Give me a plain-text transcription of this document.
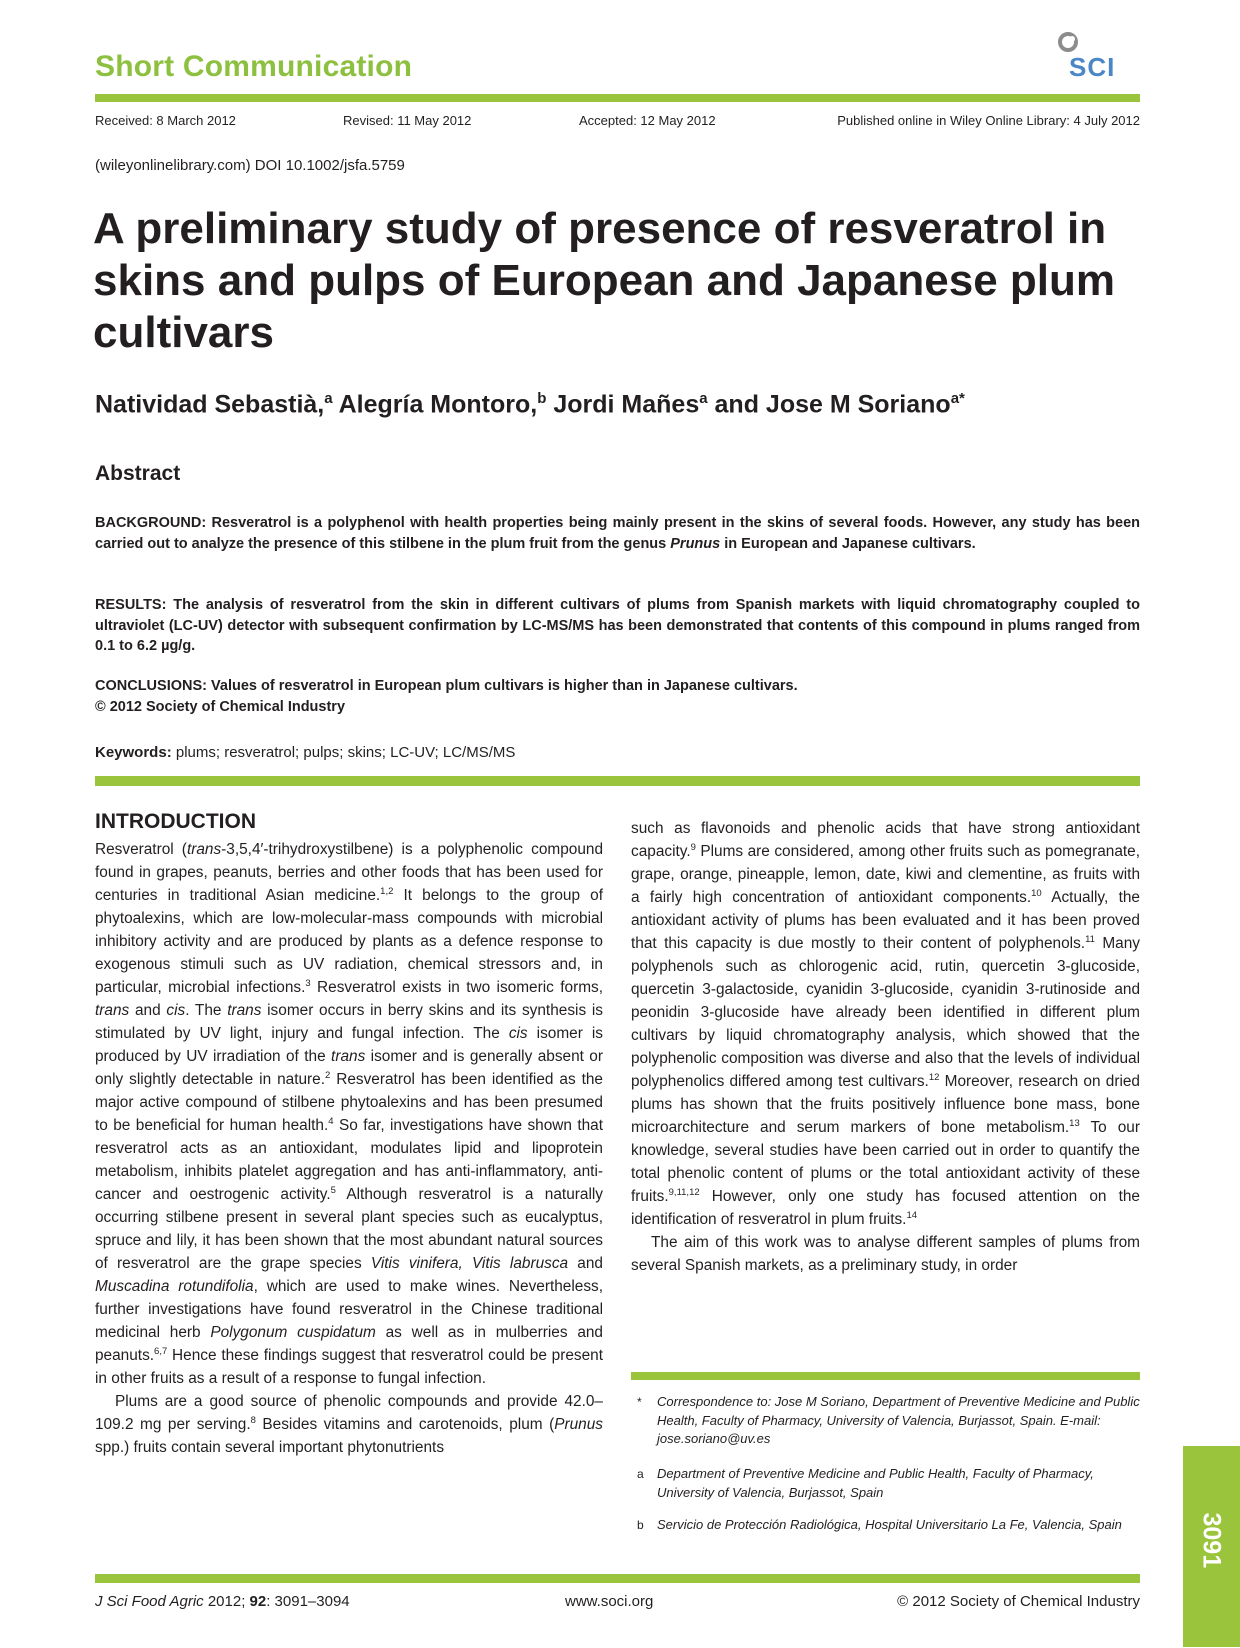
Short Communication	SCI
Received: 8 March 2012	Revised: 11 May 2012	Accepted: 12 May 2012	Published online in Wiley Online Library: 4 July 2012
(wileyonlinelibrary.com) DOI 10.1002/jsfa.5759
A preliminary study of presence of resveratrol in skins and pulps of European and Japanese plum cultivars
Natividad Sebastià,$^a$ Alegría Montoro,$^b$ Jordi Mañes$^a$ and Jose M Soriano$^{a*}$
Abstract
BACKGROUND: Resveratrol is a polyphenol with health properties being mainly present in the skins of several foods. However, any study has been carried out to analyze the presence of this stilbene in the plum fruit from the genus Prunus in European and Japanese cultivars.
RESULTS: The analysis of resveratrol from the skin in different cultivars of plums from Spanish markets with liquid chromatography coupled to ultraviolet (LC-UV) detector with subsequent confirmation by LC-MS/MS has been demonstrated that contents of this compound in plums ranged from 0.1 to 6.2 µg/g.
CONCLUSIONS: Values of resveratrol in European plum cultivars is higher than in Japanese cultivars.
© 2012 Society of Chemical Industry
Keywords: plums; resveratrol; pulps; skins; LC-UV; LC/MS/MS
INTRODUCTION

Resveratrol (trans-3,5,4′-trihydroxystilbene) is a polyphenolic compound found in grapes, peanuts, berries and other foods that has been used for centuries in traditional Asian medicine.$^{1,2}$ It belongs to the group of phytoalexins, which are low-molecular-mass compounds with microbial inhibitory activity and are produced by plants as a defence response to exogenous stimuli such as UV radiation, chemical stressors and, in particular, microbial infections.$^3$ Resveratrol exists in two isomeric forms, trans and cis. The trans isomer occurs in berry skins and its synthesis is stimulated by UV light, injury and fungal infection. The cis isomer is produced by UV irradiation of the trans isomer and is generally absent or only slightly detectable in nature.$^2$ Resveratrol has been identified as the major active compound of stilbene phytoalexins and has been presumed to be beneficial for human health.$^4$ So far, investigations have shown that resveratrol acts as an antioxidant, modulates lipid and lipoprotein metabolism, inhibits platelet aggregation and has anti-inflammatory, anti-cancer and oestrogenic activity.$^5$ Although resveratrol is a naturally occurring stilbene present in several plant species such as eucalyptus, spruce and lily, it has been shown that the most abundant natural sources of resveratrol are the grape species Vitis vinifera, Vitis labrusca and Muscadina rotundifolia, which are used to make wines. Nevertheless, further investigations have found resveratrol in the Chinese traditional medicinal herb Polygonum cuspidatum as well as in mulberries and peanuts.$^{6,7}$ Hence these findings suggest that resveratrol could be present in other fruits as a result of a response to fungal infection.

Plums are a good source of phenolic compounds and provide 42.0–109.2 mg per serving.$^8$ Besides vitamins and carotenoids, plum (Prunus spp.) fruits contain several important phytonutrients

such as flavonoids and phenolic acids that have strong antioxidant capacity.$^9$ Plums are considered, among other fruits such as pomegranate, grape, orange, pineapple, lemon, date, kiwi and clementine, as fruits with a fairly high concentration of antioxidant components.$^{10}$ Actually, the antioxidant activity of plums has been evaluated and it has been proved that this capacity is due mostly to their content of polyphenols.$^{11}$ Many polyphenols such as chlorogenic acid, rutin, quercetin 3-glucoside, quercetin 3-galactoside, cyanidin 3-glucoside, cyanidin 3-rutinoside and peonidin 3-glucoside have already been identified in different plum cultivars by liquid chromatography analysis, which showed that the polyphenolic composition was diverse and also that the levels of individual polyphenolics differed among test cultivars.$^{12}$ Moreover, research on dried plums has shown that the fruits positively influence bone mass, bone microarchitecture and serum markers of bone metabolism.$^{13}$ To our knowledge, several studies have been carried out in order to quantify the total phenolic content of plums or the total antioxidant activity of these fruits.$^{9,11,12}$ However, only one study has focused attention on the identification of resveratrol in plum fruits.$^{14}$

The aim of this work was to analyse different samples of plums from several Spanish markets, as a preliminary study, in order

* Correspondence to: Jose M Soriano, Department of Preventive Medicine and Public Health, Faculty of Pharmacy, University of Valencia, Burjassot, Spain. E-mail: jose.soriano@uv.es
a Department of Preventive Medicine and Public Health, Faculty of Pharmacy, University of Valencia, Burjassot, Spain
b Servicio de Protección Radiológica, Hospital Universitario La Fe, Valencia, Spain	3091
J Sci Food Agric 2012; 92: 3091–3094	www.soci.org	© 2012 Society of Chemical Industry
